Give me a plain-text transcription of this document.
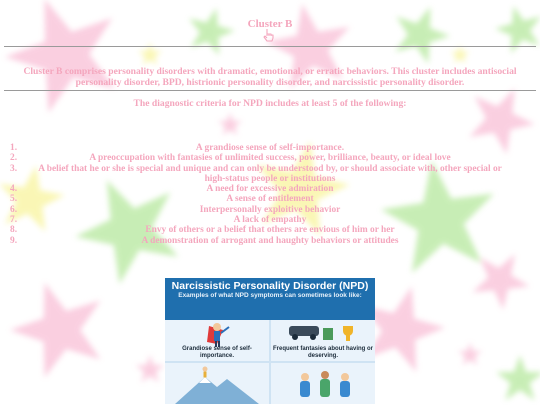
Cluster B
Cluster B comprises personality disorders with dramatic, emotional, or erratic behaviors. This cluster includes antisocial personality disorder, BPD, histrionic personality disorder, and narcissistic personality disorder.
The diagnostic criteria for NPD includes at least 5 of the following:
1.	A grandiose sense of self-importance.
2.	A preoccupation with fantasies of unlimited success, power, brilliance, beauty, or ideal love
3. A belief that he or she is special and unique and can only be understood by, or should associate with, other special or high-status people or institutions
4.	A need for excessive admiration
5.	A sense of entitlement
6.	Interpersonally exploitive behavior
7.	A lack of empathy
8.	Envy of others or a belief that others are envious of him or her
9.	A demonstration of arrogant and haughty behaviors or attitudes
Narcissistic Personality Disorder (NPD)
Examples of what NPD symptoms can sometimes look like:
Grandiose sense of self-importance.
Frequent fantasies about having or deserving.
